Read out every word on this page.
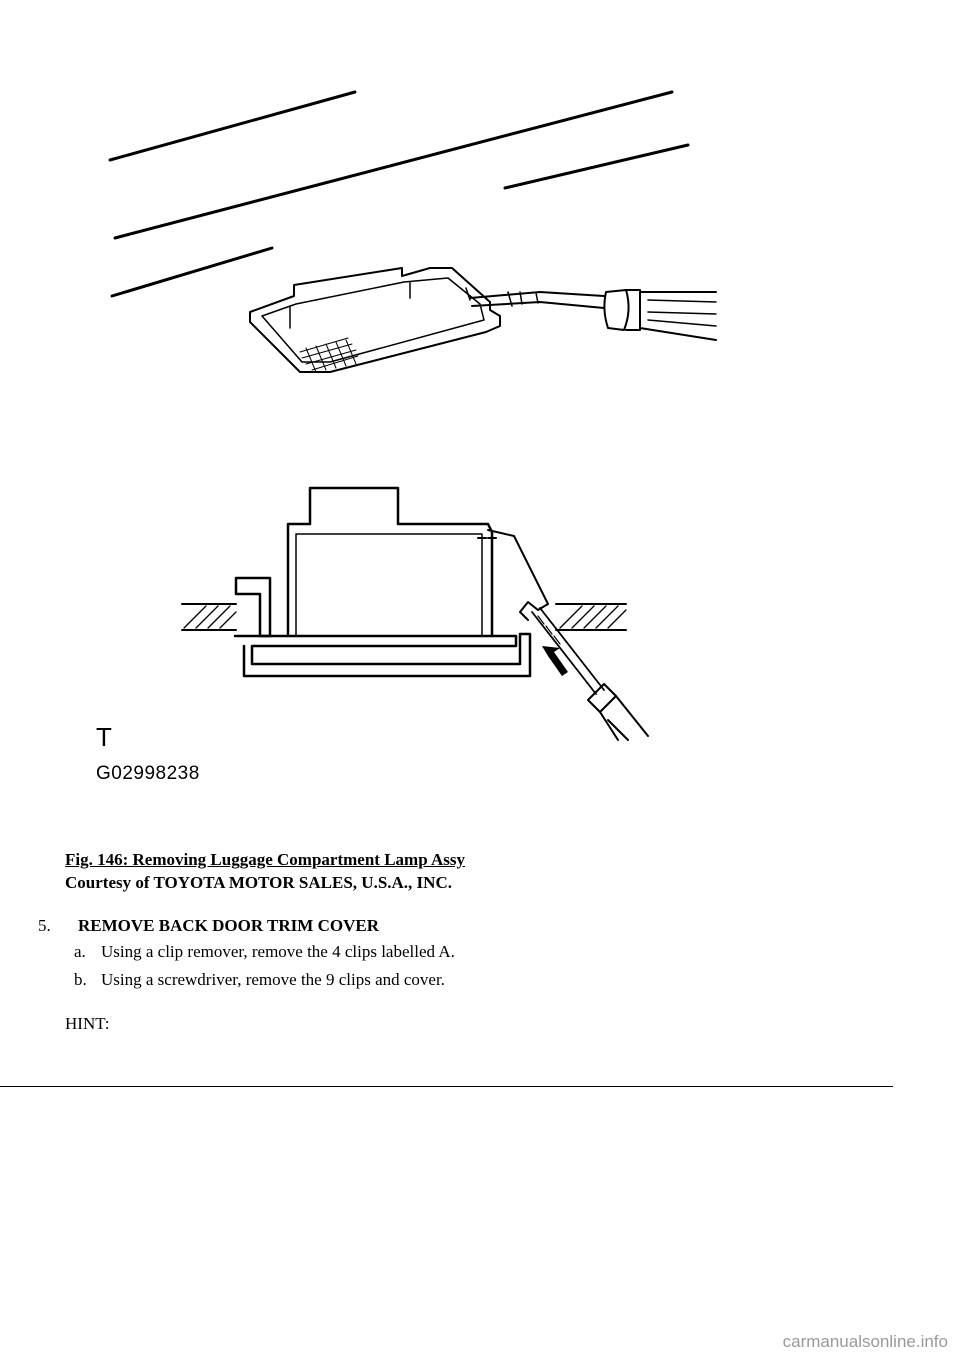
T
G02998238
Fig. 146: Removing Luggage Compartment Lamp Assy
Courtesy of TOYOTA MOTOR SALES, U.S.A., INC.
5. REMOVE BACK DOOR TRIM COVER
a. Using a clip remover, remove the 4 clips labelled A.
b. Using a screwdriver, remove the 9 clips and cover.
HINT:
carmanualsonline.info
